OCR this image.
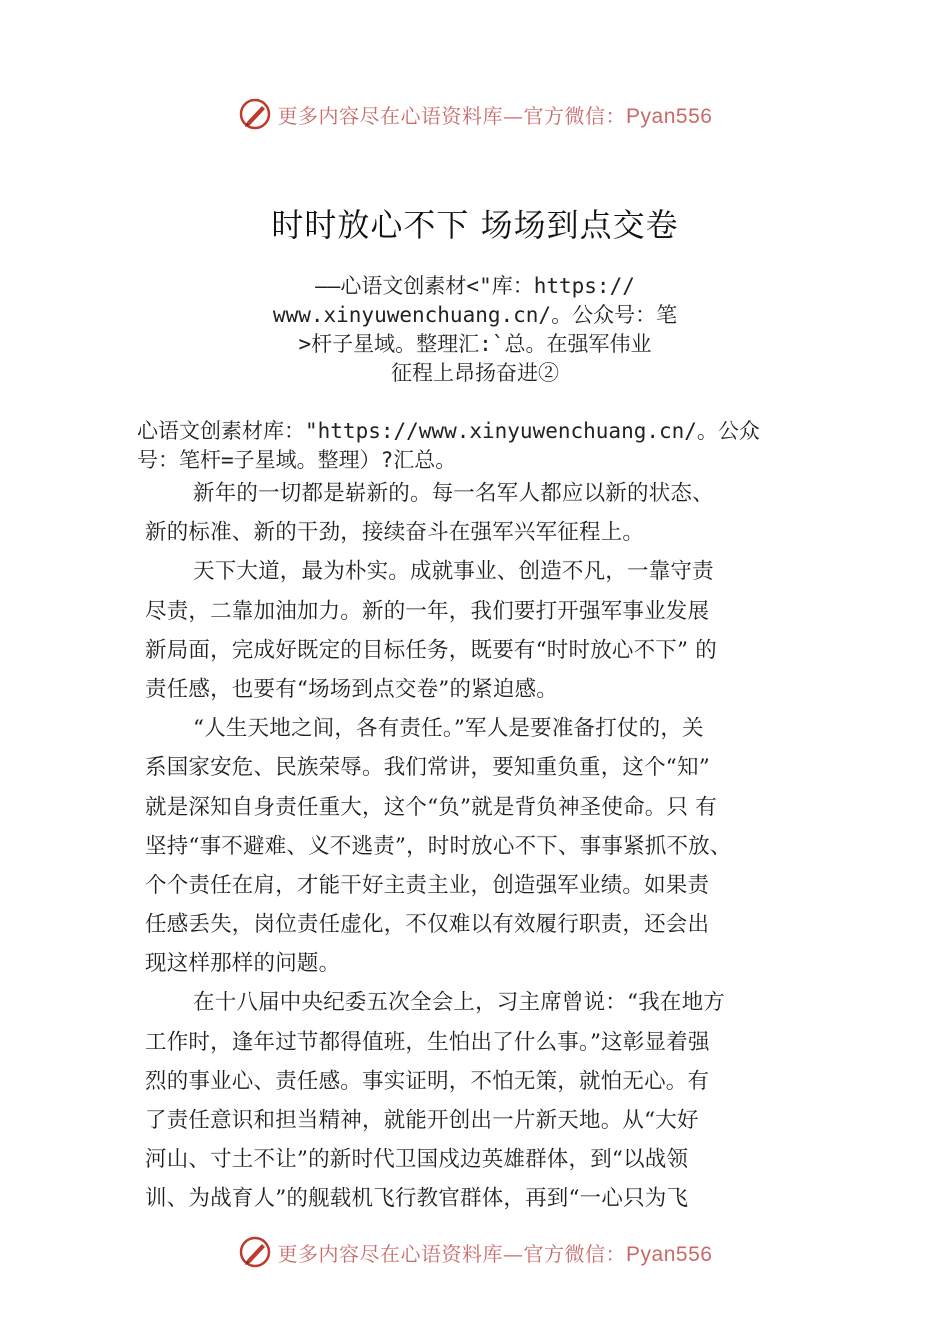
更多内容尽在心语资料库—官方微信：Pyan556
时时放心不下 场场到点交卷
——心语文创素材<"库：https://
www.xinyuwenchuang.cn/。公众号：笔
>杆子星域。整理汇:`总。在强军伟业
征程上昂扬奋进②
心语文创素材库："https://www.xinyuwenchuang.cn/。公众
号：笔杆=子星域。整理）?汇总。
新年的一切都是崭新的。每一名军人都应以新的状态、
新的标准、新的干劲，接续奋斗在强军兴军征程上。
天下大道，最为朴实。成就事业、创造不凡，一靠守责
尽责，二靠加油加力。新的一年，我们要打开强军事业发展
新局面，完成好既定的目标任务，既要有“时时放心不下” 的
责任感，也要有“场场到点交卷”的紧迫感。
“人生天地之间，各有责任。”军人是要准备打仗的，关
系国家安危、民族荣辱。我们常讲，要知重负重，这个“知”
就是深知自身责任重大，这个“负”就是背负神圣使命。只 有
坚持“事不避难、义不逃责”，时时放心不下、事事紧抓不放、
个个责任在肩，才能干好主责主业，创造强军业绩。如果责
任感丢失，岗位责任虚化，不仅难以有效履行职责，还会出
现这样那样的问题。
在十八届中央纪委五次全会上，习主席曾说：“我在地方
工作时，逢年过节都得值班，生怕出了什么事。”这彰显着强
烈的事业心、责任感。事实证明，不怕无策，就怕无心。有
了责任意识和担当精神，就能开创出一片新天地。从“大好
河山、寸土不让”的新时代卫国戍边英雄群体，到“以战领
训、为战育人”的舰载机飞行教官群体，再到“一心只为飞
更多内容尽在心语资料库—官方微信：Pyan556
